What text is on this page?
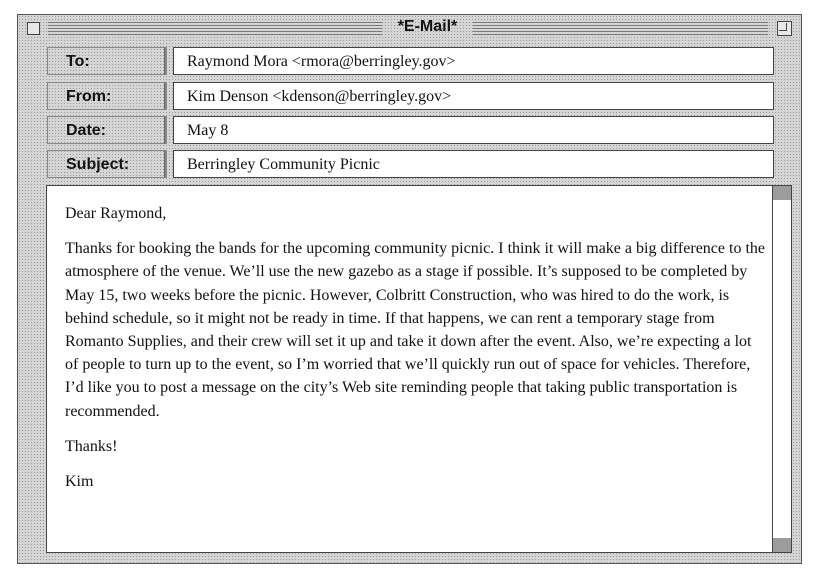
*E-Mail*
To:	Raymond Mora <rmora@berringley.gov>
From:	Kim Denson <kdenson@berringley.gov>
Date:	May 8
Subject:	Berringley Community Picnic

Dear Raymond,

Thanks for booking the bands for the upcoming community picnic. I think it will make a big difference to the atmosphere of the venue. We’ll use the new gazebo as a stage if possible. It’s supposed to be completed by May 15, two weeks before the picnic. However, Colbritt Construction, who was hired to do the work, is behind schedule, so it might not be ready in time. If that happens, we can rent a temporary stage from Romanto Supplies, and their crew will set it up and take it down after the event. Also, we’re expecting a lot of people to turn up to the event, so I’m worried that we’ll quickly run out of space for vehicles. Therefore, I’d like you to post a message on the city’s Web site reminding people that taking public transportation is recommended.

Thanks!

Kim
